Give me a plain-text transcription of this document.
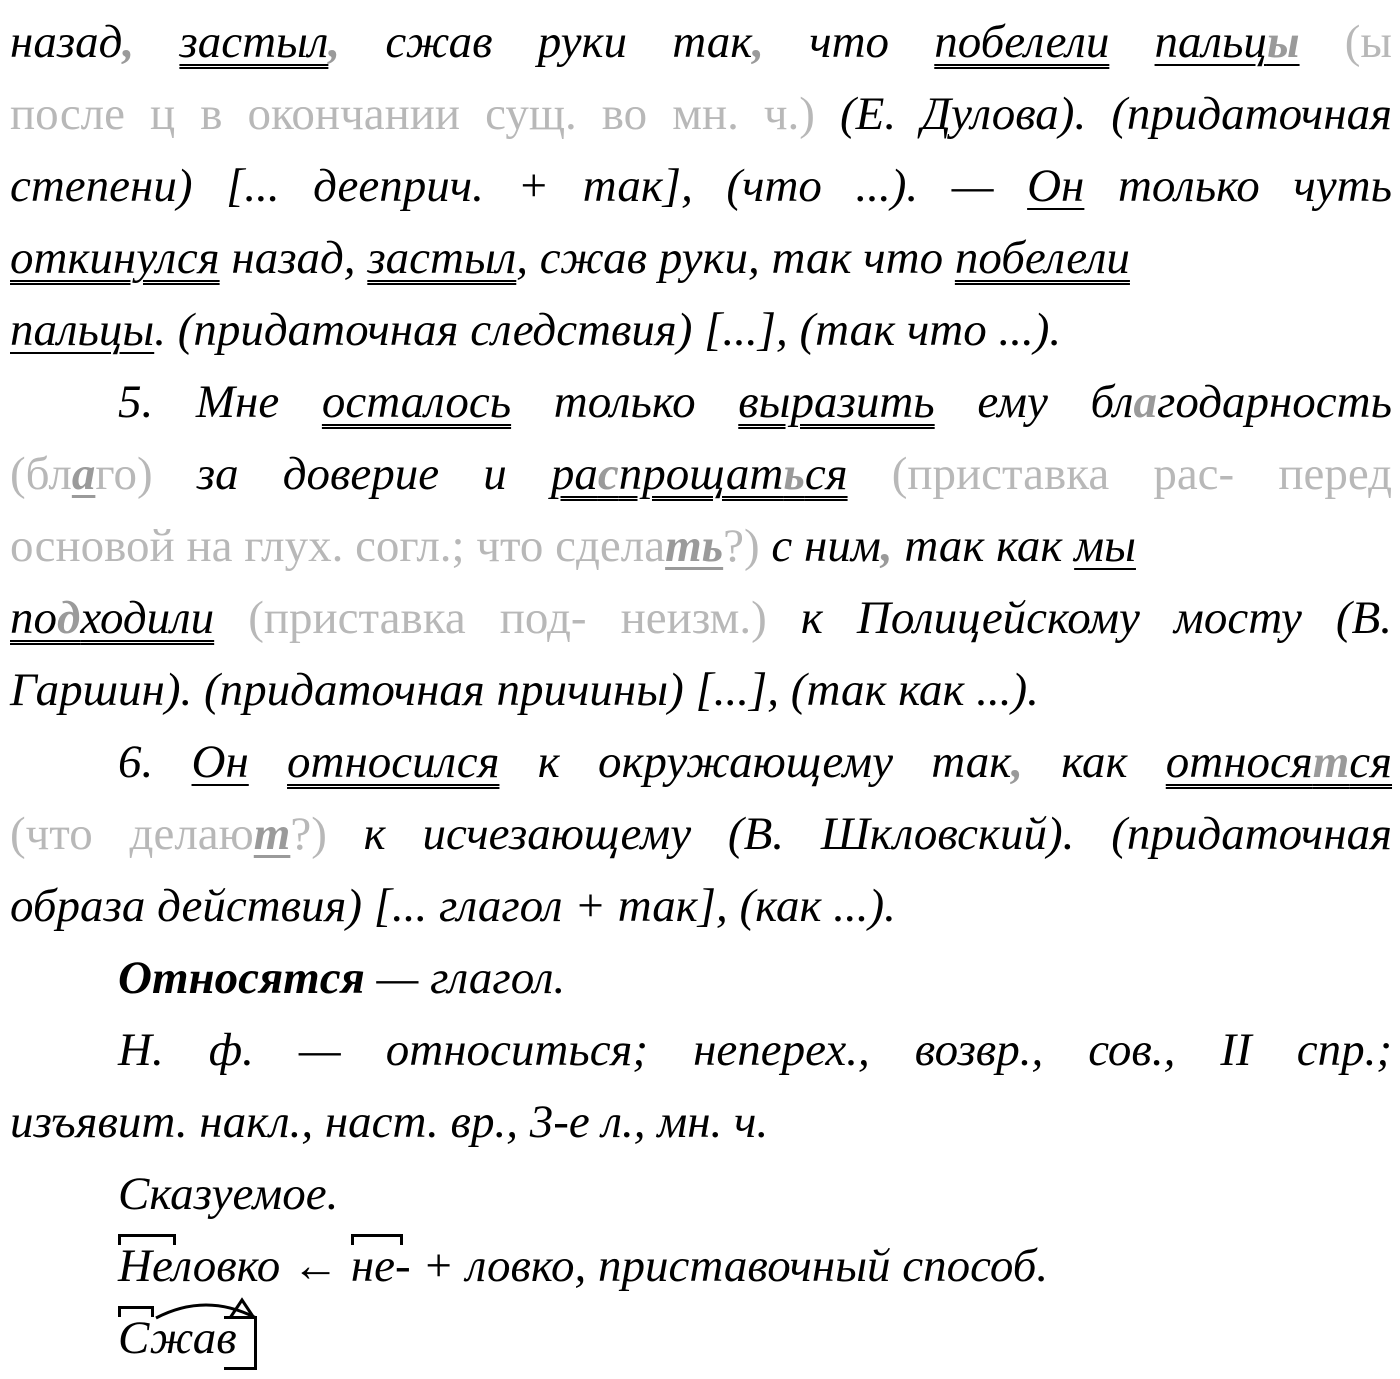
назад, застыл, сжав руки так, что побелели пальцы (ы
после ц в окончании сущ. во мн. ч.) (Е. Дулова). (придаточная
степени) [... дееприч. + так], (что ...). — Он только чуть
откинулся назад, застыл, сжав руки, так что побелели
пальцы. (придаточная следствия) [...], (так что ...).
5. Мне осталось только выразить ему благодарность
(благо) за доверие и распрощаться (приставка рас- перед
основой на глух. согл.; что сделать?) с ним, так как мы
подходили (приставка под- неизм.) к Полицейскому мосту (В.
Гаршин). (придаточная причины) [...], (так как ...).
6. Он относился к окружающему так, как относятся
(что делают?) к исчезающему (В. Шкловский). (придаточная
образа действия) [... глагол + так], (как ...).
Относятся — глагол.
Н. ф. — относиться; неперех., возвр., сов., II спр.;
изъявит. накл., наст. вр., 3-е л., мн. ч.
Сказуемое.
Неловко ←
не- + ловко, приставочный способ.
Сжав
